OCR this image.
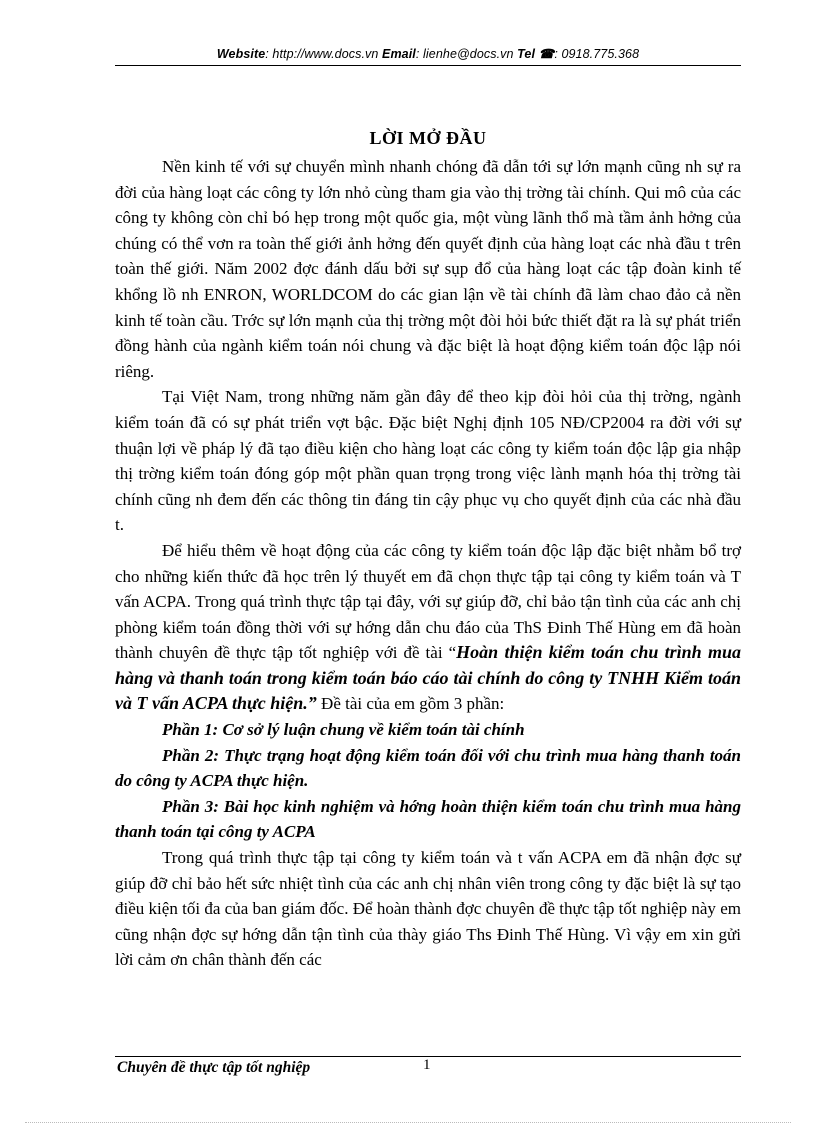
Website: http://www.docs.vn Email: lienhe@docs.vn Tel ☎: 0918.775.368
LỜI MỞ ĐẦU

Nền kinh tế với sự chuyển mình nhanh chóng đã dẫn tới sự lớn mạnh cũng nh sự ra đời của hàng loạt các công ty lớn nhỏ cùng tham gia vào thị trờng tài chính. Qui mô của các công ty không còn chỉ bó hẹp trong một quốc gia, một vùng lãnh thổ mà tầm ảnh hởng của chúng có thể vơn ra toàn thế giới ảnh hởng đến quyết định của hàng loạt các nhà đầu t trên toàn thế giới. Năm 2002 đợc đánh dấu bởi sự sụp đổ của hàng loạt các tập đoàn kinh tế khổng lồ nh ENRON, WORLDCOM do các gian lận về tài chính đã làm chao đảo cả nền kinh tế toàn cầu. Trớc sự lớn mạnh của thị trờng một đòi hỏi bức thiết đặt ra là sự phát triển đồng hành của ngành kiểm toán nói chung và đặc biệt là hoạt động kiểm toán độc lập nói riêng.

Tại Việt Nam, trong những năm gần đây để theo kịp đòi hỏi của thị trờng, ngành kiểm toán đã có sự phát triển vợt bậc. Đặc biệt Nghị định 105 NĐ/CP2004 ra đời với sự thuận lợi về pháp lý đã tạo điều kiện cho hàng loạt các công ty kiểm toán độc lập gia nhập thị trờng kiểm toán đóng góp một phần quan trọng trong việc lành mạnh hóa thị trờng tài chính cũng nh đem đến các thông tin đáng tin cậy phục vụ cho quyết định của các nhà đầu t.

Để hiểu thêm về hoạt động của các công ty kiểm toán độc lập đặc biệt nhằm bổ trợ cho những kiến thức đã học trên lý thuyết em đã chọn thực tập tại công ty kiểm toán và T vấn ACPA. Trong quá trình thực tập tại đây, với sự giúp đỡ, chỉ bảo tận tình của các anh chị phòng kiểm toán đồng thời với sự hớng dẫn chu đáo của ThS Đinh Thế Hùng em đã hoàn thành chuyên đề thực tập tốt nghiệp với đề tài “Hoàn thiện kiểm toán chu trình mua hàng và thanh toán trong kiểm toán báo cáo tài chính do công ty TNHH Kiểm toán và T vấn ACPA thực hiện.” Đề tài của em gồm 3 phần:

Phần 1: Cơ sở lý luận chung về kiểm toán tài chính

Phần 2: Thực trạng hoạt động kiểm toán đối với chu trình mua hàng thanh toán do công ty ACPA thực hiện.

Phần 3: Bài học kinh nghiệm và hớng hoàn thiện kiểm toán chu trình mua hàng thanh toán tại công ty ACPA

Trong quá trình thực tập tại công ty kiểm toán và t vấn ACPA em đã nhận đợc sự giúp đỡ chỉ bảo hết sức nhiệt tình của các anh chị nhân viên trong công ty đặc biệt là sự tạo điều kiện tối đa của ban giám đốc. Để hoàn thành đợc chuyên đề thực tập tốt nghiệp này em cũng nhận đợc sự hớng dẫn tận tình của thày giáo Ths Đinh Thế Hùng. Vì vậy em xin gửi lời cảm ơn chân thành đến các

Chuyên đề thực tập tốt nghiệp	1
